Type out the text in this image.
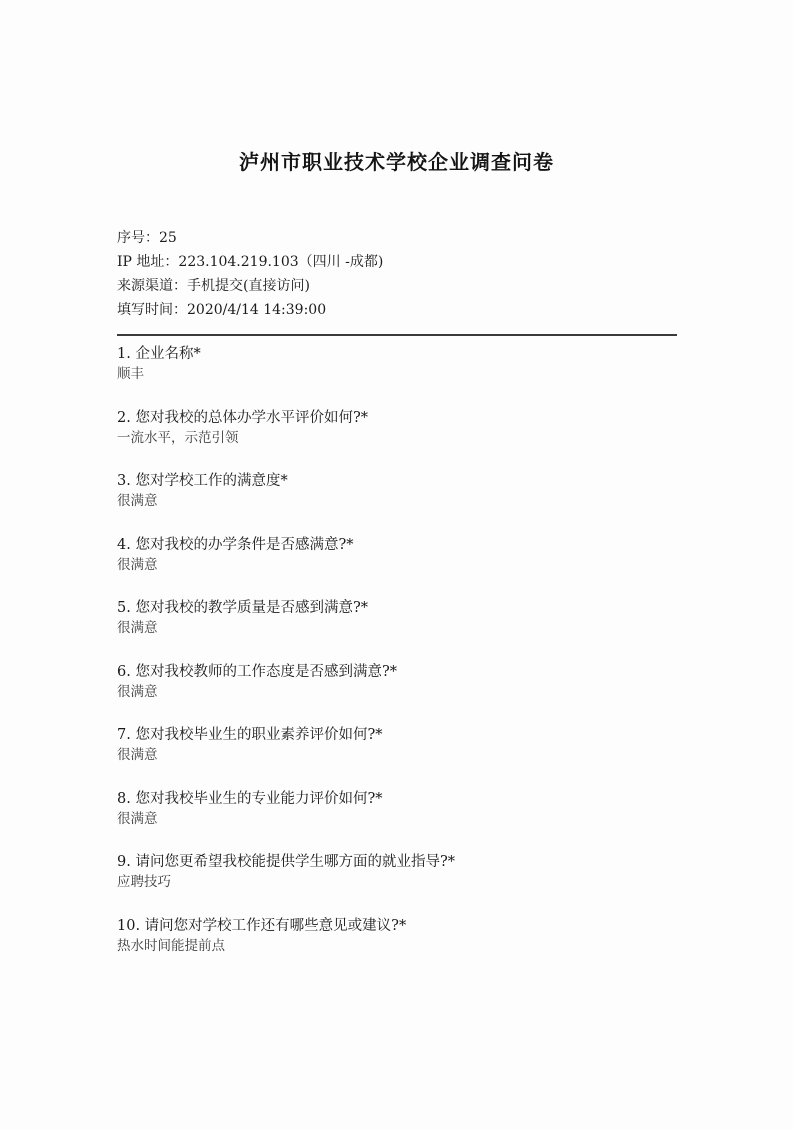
泸州市职业技术学校企业调查问卷
序号：25
IP 地址：223.104.219.103（四川 -成都)
来源渠道：手机提交(直接访问)
填写时间：2020/4/14 14:39:00
1. 企业名称*
顺丰
2. 您对我校的总体办学水平评价如何?*
一流水平，示范引领
3. 您对学校工作的满意度*
很满意
4. 您对我校的办学条件是否感满意?*
很满意
5. 您对我校的教学质量是否感到满意?*
很满意
6. 您对我校教师的工作态度是否感到满意?*
很满意
7. 您对我校毕业生的职业素养评价如何?*
很满意
8. 您对我校毕业生的专业能力评价如何?*
很满意
9. 请问您更希望我校能提供学生哪方面的就业指导?*
应聘技巧
10. 请问您对学校工作还有哪些意见或建议?*
热水时间能提前点
